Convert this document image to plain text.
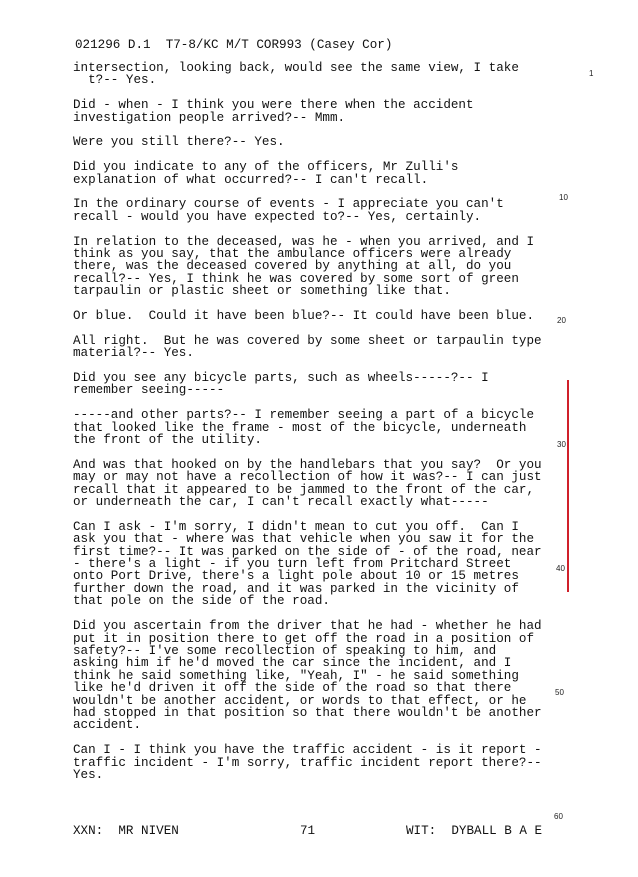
021296 D.1  T7-8/KC M/T COR993 (Casey Cor)

intersection, looking back, would see the same view, I take
t?-- Yes.

Did - when - I think you were there when the accident
investigation people arrived?-- Mmm.

Were you still there?-- Yes.

Did you indicate to any of the officers, Mr Zulli's
explanation of what occurred?-- I can't recall.

In the ordinary course of events - I appreciate you can't
recall - would you have expected to?-- Yes, certainly.

In relation to the deceased, was he - when you arrived, and I
think as you say, that the ambulance officers were already
there, was the deceased covered by anything at all, do you
recall?-- Yes, I think he was covered by some sort of green
tarpaulin or plastic sheet or something like that.

Or blue.  Could it have been blue?-- It could have been blue.

All right.  But he was covered by some sheet or tarpaulin type
material?-- Yes.

Did you see any bicycle parts, such as wheels-----?-- I
remember seeing-----

-----and other parts?-- I remember seeing a part of a bicycle
that looked like the frame - most of the bicycle, underneath
the front of the utility.

And was that hooked on by the handlebars that you say?  Or you
may or may not have a recollection of how it was?-- I can just
recall that it appeared to be jammed to the front of the car,
or underneath the car, I can't recall exactly what-----

Can I ask - I'm sorry, I didn't mean to cut you off.  Can I
ask you that - where was that vehicle when you saw it for the
first time?-- It was parked on the side of - of the road, near
- there's a light - if you turn left from Pritchard Street
onto Port Drive, there's a light pole about 10 or 15 metres
further down the road, and it was parked in the vicinity of
that pole on the side of the road.

Did you ascertain from the driver that he had - whether he had
put it in position there to get off the road in a position of
safety?-- I've some recollection of speaking to him, and
asking him if he'd moved the car since the incident, and I
think he said something like, "Yeah, I" - he said something
like he'd driven it off the side of the road so that there
wouldn't be another accident, or words to that effect, or he
had stopped in that position so that there wouldn't be another
accident.

Can I - I think you have the traffic accident - is it report -
traffic incident - I'm sorry, traffic incident report there?--
Yes.

1
10
20
30
40
50
60
XXN:  MR NIVEN	71	WIT:  DYBALL B A E
